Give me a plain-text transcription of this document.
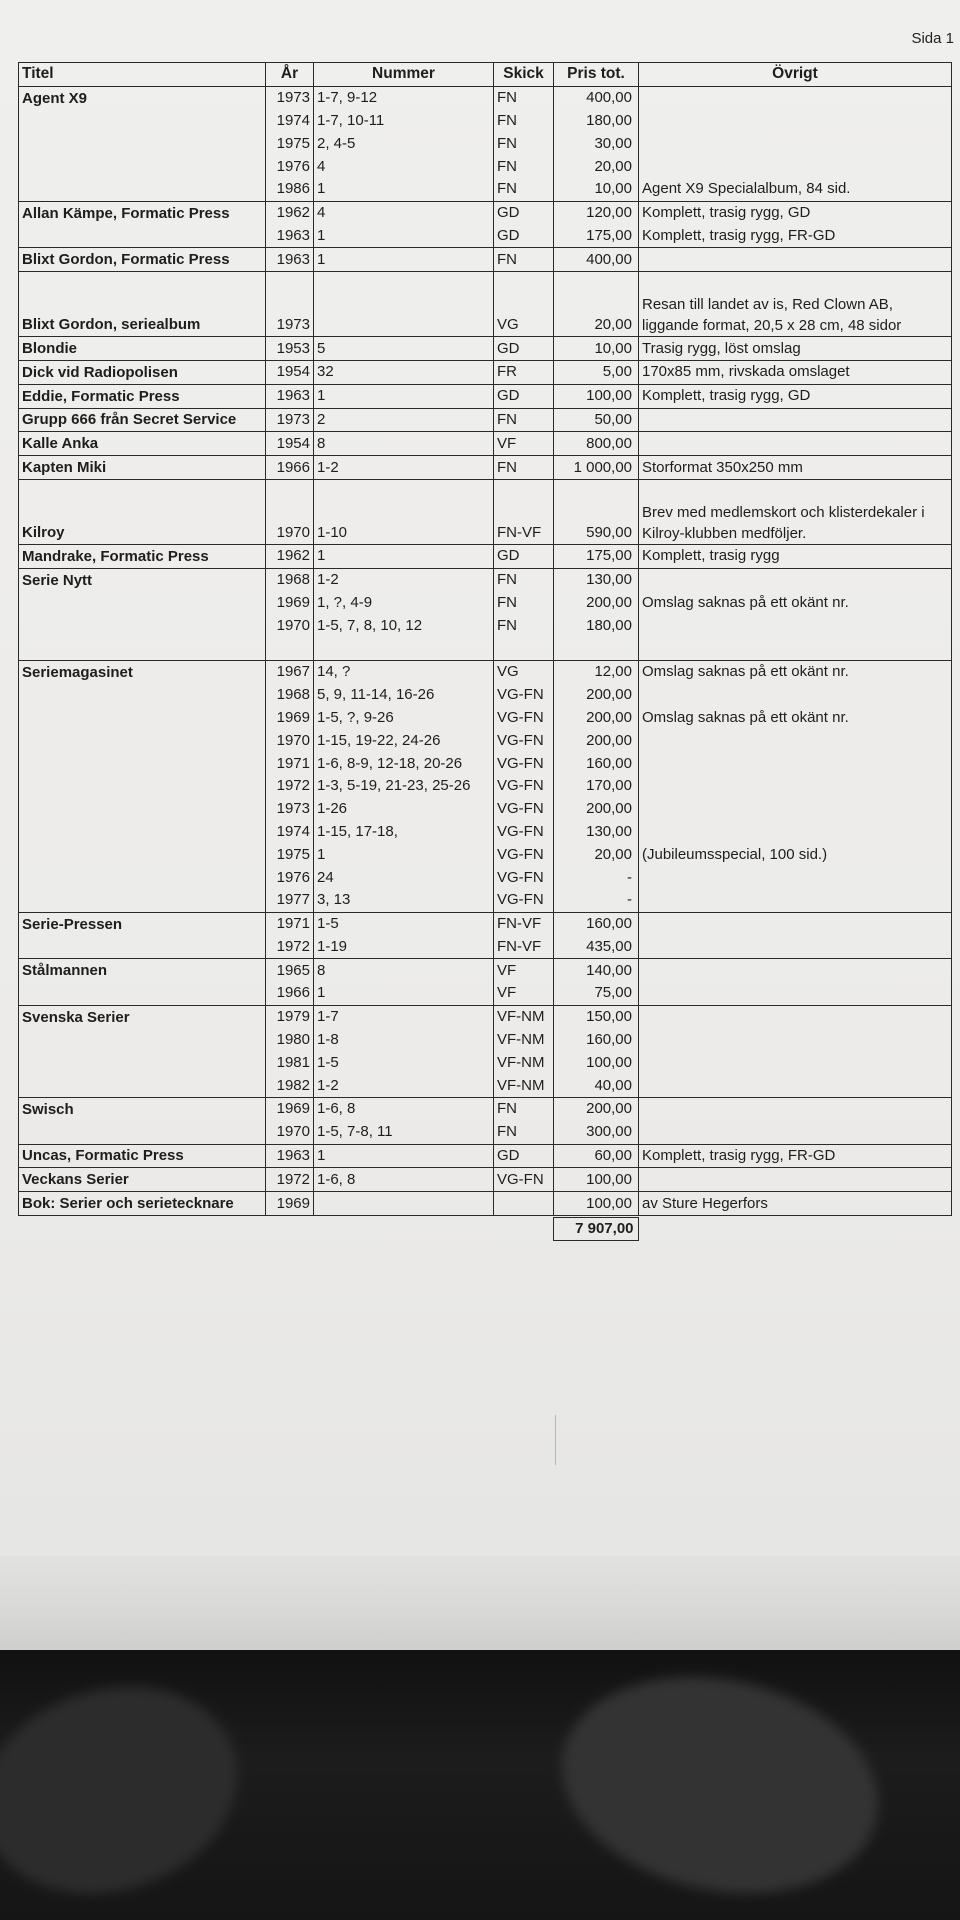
Sida 1
Titel	År	Nummer	Skick	Pris tot.	Övrigt
Agent X9	1973	1-7, 9-12	FN	400,00	
	1974	1-7, 10-11	FN	180,00	
	1975	2, 4-5	FN	30,00	
	1976	4	FN	20,00	
	1986	1	FN	10,00	Agent X9 Specialalbum, 84 sid.
Allan Kämpe, Formatic Press	1962	4	GD	120,00	Komplett, trasig rygg, GD
	1963	1	GD	175,00	Komplett, trasig rygg, FR-GD
Blixt Gordon, Formatic Press	1963	1	FN	400,00	
Blixt Gordon, seriealbum	1973		VG	20,00	Resan till landet av is, Red Clown AB, liggande format, 20,5 x 28 cm, 48 sidor
Blondie	1953	5	GD	10,00	Trasig rygg, löst omslag
Dick vid Radiopolisen	1954	32	FR	5,00	170x85 mm, rivskada omslaget
Eddie, Formatic Press	1963	1	GD	100,00	Komplett, trasig rygg, GD
Grupp 666 från Secret Service	1973	2	FN	50,00	
Kalle Anka	1954	8	VF	800,00	
Kapten Miki	1966	1-2	FN	1 000,00	Storformat 350x250 mm
Kilroy	1970	1-10	FN-VF	590,00	Brev med medlemskort och klisterdekaler i Kilroy-klubben medföljer.
Mandrake, Formatic Press	1962	1	GD	175,00	Komplett, trasig rygg
Serie Nytt	1968	1-2	FN	130,00	
	1969	1, ?, 4-9	FN	200,00	Omslag saknas på ett okänt nr.
	1970	1-5, 7, 8, 10, 12	FN	180,00	

Seriemagasinet	1967	14, ?	VG	12,00	Omslag saknas på ett okänt nr.
	1968	5, 9, 11-14, 16-26	VG-FN	200,00	
	1969	1-5, ?, 9-26	VG-FN	200,00	Omslag saknas på ett okänt nr.
	1970	1-15, 19-22, 24-26	VG-FN	200,00	
	1971	1-6, 8-9, 12-18, 20-26	VG-FN	160,00	
	1972	1-3, 5-19, 21-23, 25-26	VG-FN	170,00	
	1973	1-26	VG-FN	200,00	
	1974	1-15, 17-18,	VG-FN	130,00	
	1975	1	VG-FN	20,00	(Jubileumsspecial, 100 sid.)
	1976	24	VG-FN	-	
	1977	3, 13	VG-FN	-	
Serie-Pressen	1971	1-5	FN-VF	160,00	
	1972	1-19	FN-VF	435,00	
Stålmannen	1965	8	VF	140,00	
	1966	1	VF	75,00	
Svenska Serier	1979	1-7	VF-NM	150,00	
	1980	1-8	VF-NM	160,00	
	1981	1-5	VF-NM	100,00	
	1982	1-2	VF-NM	40,00	
Swisch	1969	1-6, 8	FN	200,00	
	1970	1-5, 7-8, 11	FN	300,00	
Uncas, Formatic Press	1963	1	GD	60,00	Komplett, trasig rygg, FR-GD
Veckans Serier	1972	1-6, 8	VG-FN	100,00	
Bok: Serier och serietecknare	1969			100,00	av Sture Hegerfors
7 907,00
